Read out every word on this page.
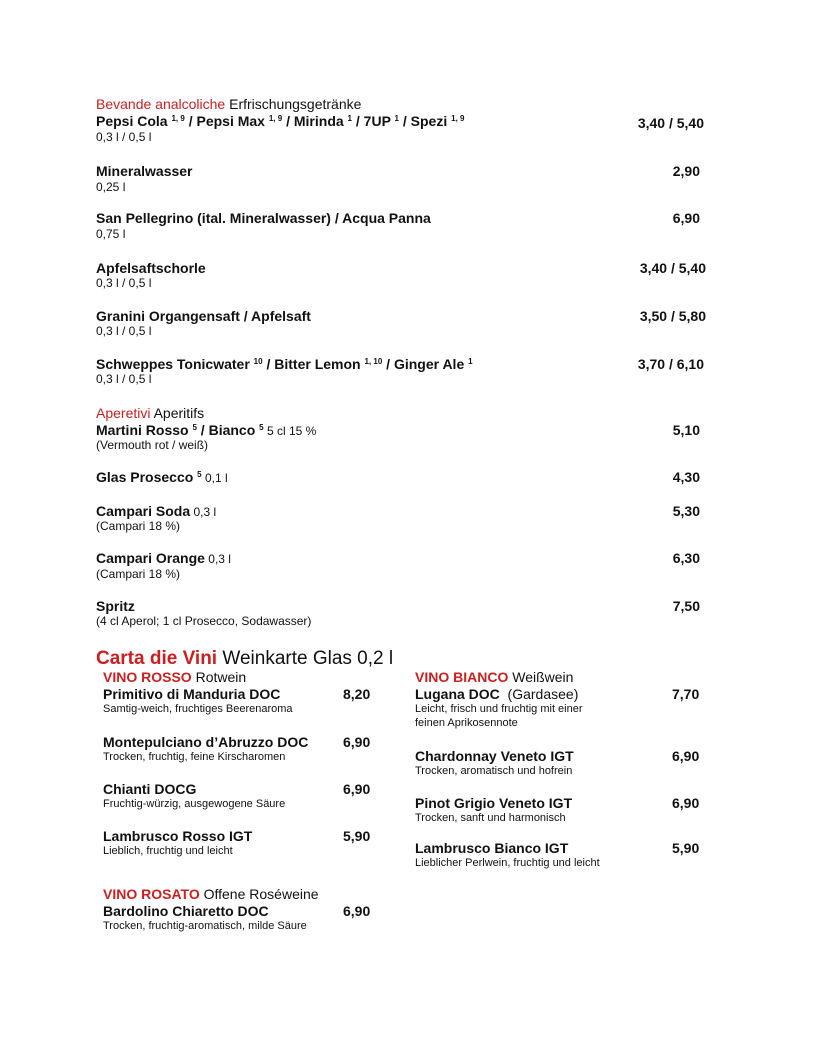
Bevande analcoliche Erfrischungsgetränke
Pepsi Cola $^{1, 9}$ / Pepsi Max $^{1, 9}$ / Mirinda $^1$ / 7UP $^1$ / Spezi $^{1, 9}$
0,3 l / 0,5 l
3,40 / 5,40
Mineralwasser
0,25 l
2,90
San Pellegrino (ital. Mineralwasser) / Acqua Panna
0,75 l
6,90
Apfelsaftschorle
0,3 l / 0,5 l
3,40 / 5,40
Granini Organgensaft / Apfelsaft
0,3 l / 0,5 l
3,50 / 5,80
Schweppes Tonicwater $^{10}$ / Bitter Lemon $^{1, 10}$ / Ginger Ale $^1$
0,3 l / 0,5 l
3,70 / 6,10
Aperetivi Aperitifs
Martini Rosso $^5$ / Bianco $^5$ 5 cl 15 %
(Vermouth rot / weiß)
5,10
Glas Prosecco $^5$ 0,1 l	4,30
Campari Soda 0,3 l
(Campari 18 %)
5,30
Campari Orange 0,3 l
(Campari 18 %)
6,30
Spritz
(4 cl Aperol; 1 cl Prosecco, Sodawasser)
7,50
Carta die Vini Weinkarte Glas 0,2 l
VINO ROSSO Rotwein
Primitivo di Manduria DOC
Samtig-weich, fruchtiges Beerenaroma
8,20
Montepulciano d’Abruzzo DOC
Trocken, fruchtig, feine Kirscharomen
6,90
Chianti DOCG
Fruchtig-würzig, ausgewogene Säure
6,90
Lambrusco Rosso IGT
Lieblich, fruchtig und leicht
5,90
VINO ROSATO Offene Roséweine
Bardolino Chiaretto DOC
Trocken, fruchtig-aromatisch, milde Säure
6,90
VINO BIANCO Weißwein
Lugana DOC  (Gardasee)
Leicht, frisch und fruchtig mit einer
feinen Aprikosennote
7,70
Chardonnay Veneto IGT
Trocken, aromatisch und hofrein
6,90
Pinot Grigio Veneto IGT
Trocken, sanft und harmonisch
6,90
Lambrusco Bianco IGT
Lieblicher Perlwein, fruchtig und leicht
5,90
